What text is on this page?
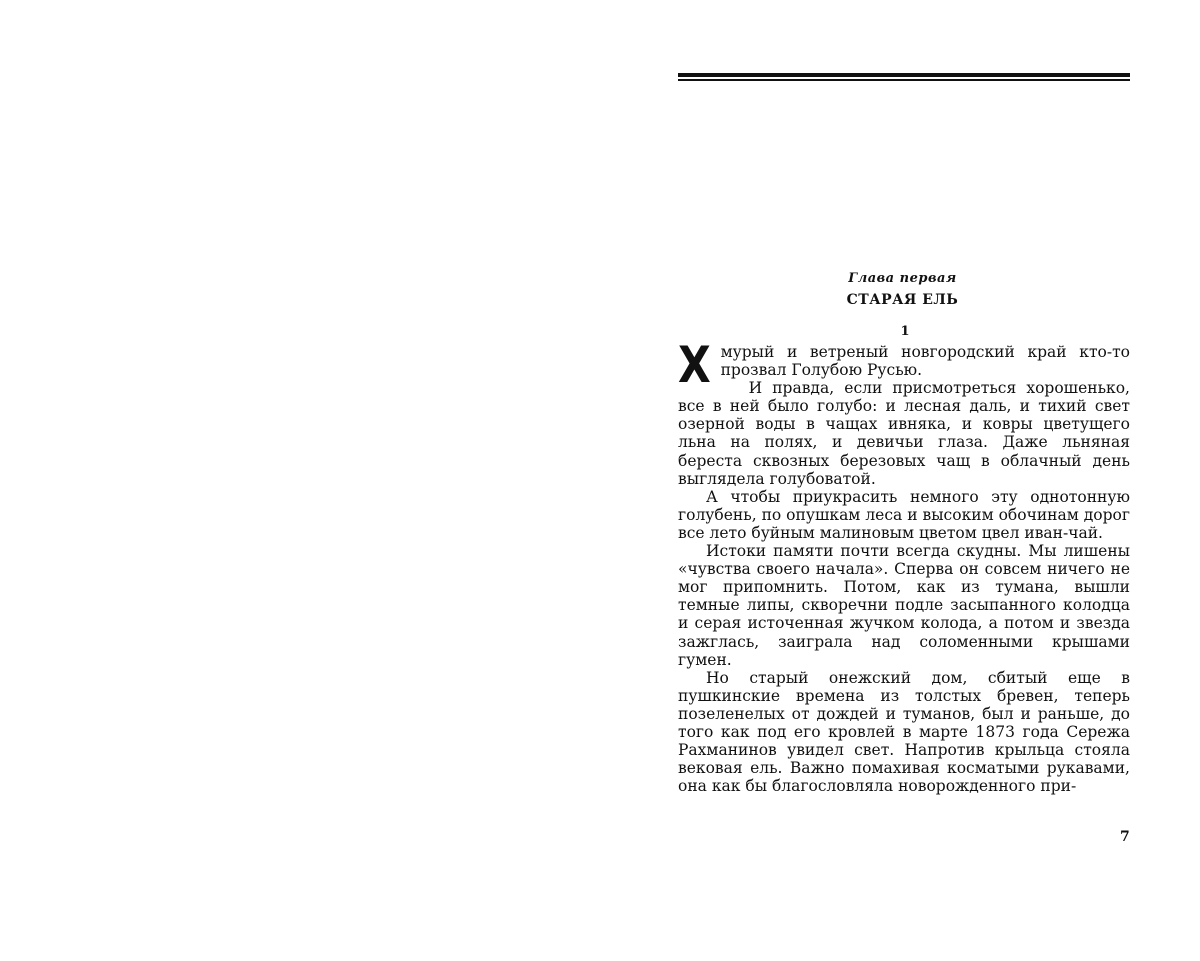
Глава первая
СТАРАЯ ЕЛЬ
1

Хмурый и ветреный новгородский край кто-то прозвал Голубою Русью.

И правда, если присмотреться хорошенько, все в ней было голубо: и лесная даль, и тихий свет озерной воды в чащах ивняка, и ковры цветущего льна на полях, и девичьи глаза. Даже льняная береста сквозных березовых чащ в облачный день выглядела голубоватой.

А чтобы приукрасить немного эту однотонную голубень, по опушкам леса и высоким обочинам дорог все лето буйным малиновым цветом цвел иван-чай.

Истоки памяти почти всегда скудны. Мы лишены «чувства своего начала». Сперва он совсем ничего не мог припомнить. Потом, как из тумана, вышли темные липы, скворечни подле засыпанного колодца и серая источенная жучком колода, а потом и звезда зажглась, заиграла над соломенными крышами гумен.

Но старый онежский дом, сбитый еще в пушкинские времена из толстых бревен, теперь позеленелых от дождей и туманов, был и раньше, до того как под его кровлей в марте 1873 года Сережа Рахманинов увидел свет. Напротив крыльца стояла вековая ель. Важно помахивая косматыми рукавами, она как бы благословляла новорожденного при-

7
